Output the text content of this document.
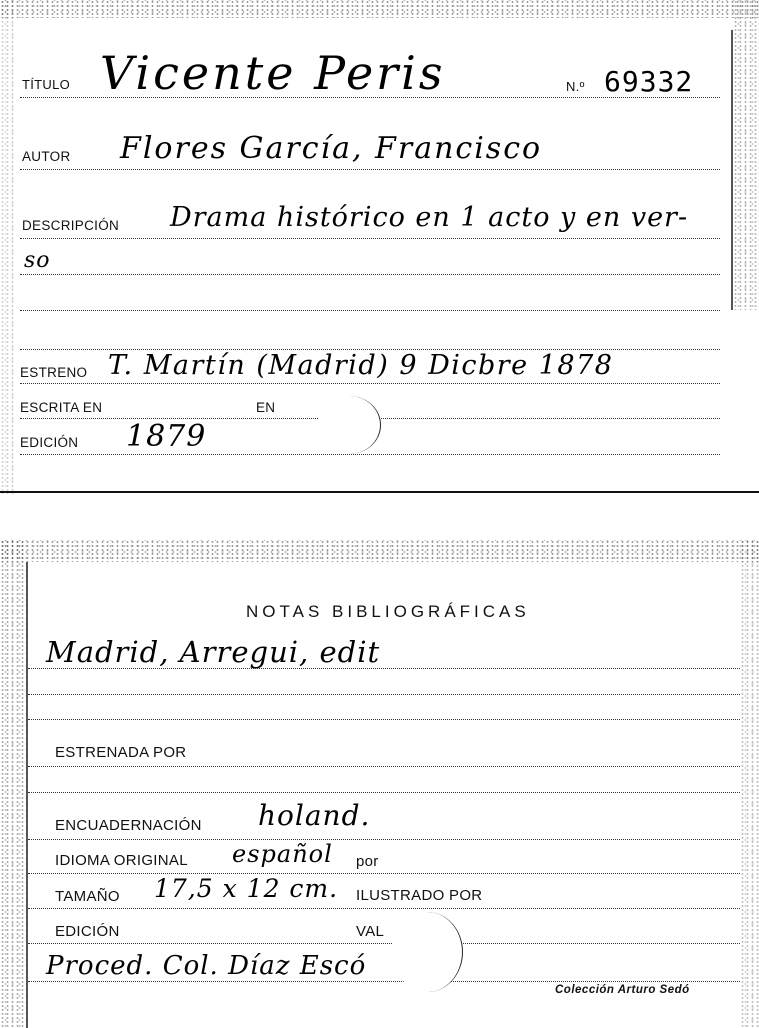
TÍTULO Vicente Peris	N.º 69332
AUTOR Flores García, Francisco
DESCRIPCIÓN Drama histórico en 1 acto y en ver-
so
ESTRENO T. Martín (Madrid) 9 Dicbre 1878
ESCRITA EN	EN
EDICIÓN 1879
NOTAS BIBLIOGRÁFICAS
Madrid, Arregui, edit
ESTRENADA POR
ENCUADERNACIÓN holand.
IDIOMA ORIGINAL español por
TAMAÑO 17,5 x 12 cm. ILUSTRADO POR
EDICIÓN	VAL
Proced. Col. Díaz Escó
Colección Arturo Sedó
